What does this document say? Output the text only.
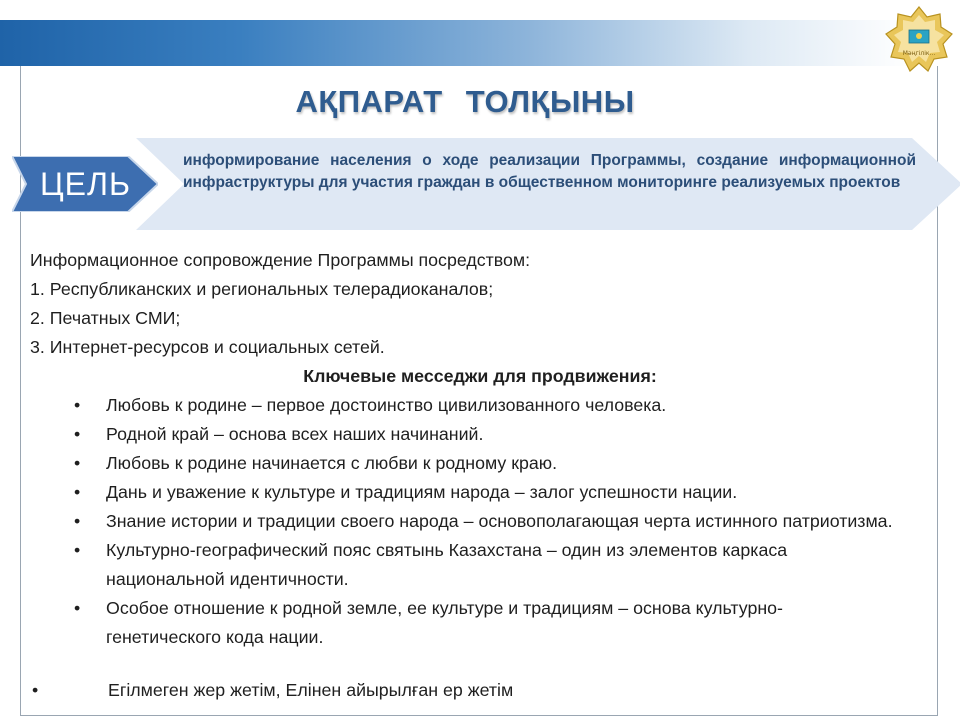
Мәңгілік...
АҚПАРАТ ТОЛҚЫНЫ
информирование населения о ходе реализации Программы, создание информационной инфраструктуры для участия граждан в общественном мониторинге реализуемых проектов
ЦЕЛЬ
Информационное сопровождение Программы посредством:
1. Республиканских и региональных телерадиоканалов;
2. Печатных СМИ;
3. Интернет-ресурсов и социальных сетей.
Ключевые месседжи для продвижения:
• Любовь к родине – первое достоинство цивилизованного человека.
• Родной край – основа всех наших начинаний.
• Любовь к родине начинается с любви к родному краю.
• Дань и уважение к культуре и традициям народа – залог успешности нации.
• Знание истории и традиции своего народа – основополагающая черта истинного патриотизма.
• Культурно-географический пояс святынь Казахстана – один из элементов каркаса национальной идентичности.
• Особое отношение к родной земле, ее культуре и традициям – основа культурно-генетического кода нации.
•	Егілмеген жер жетім, Елінен айырылған ер жетім
